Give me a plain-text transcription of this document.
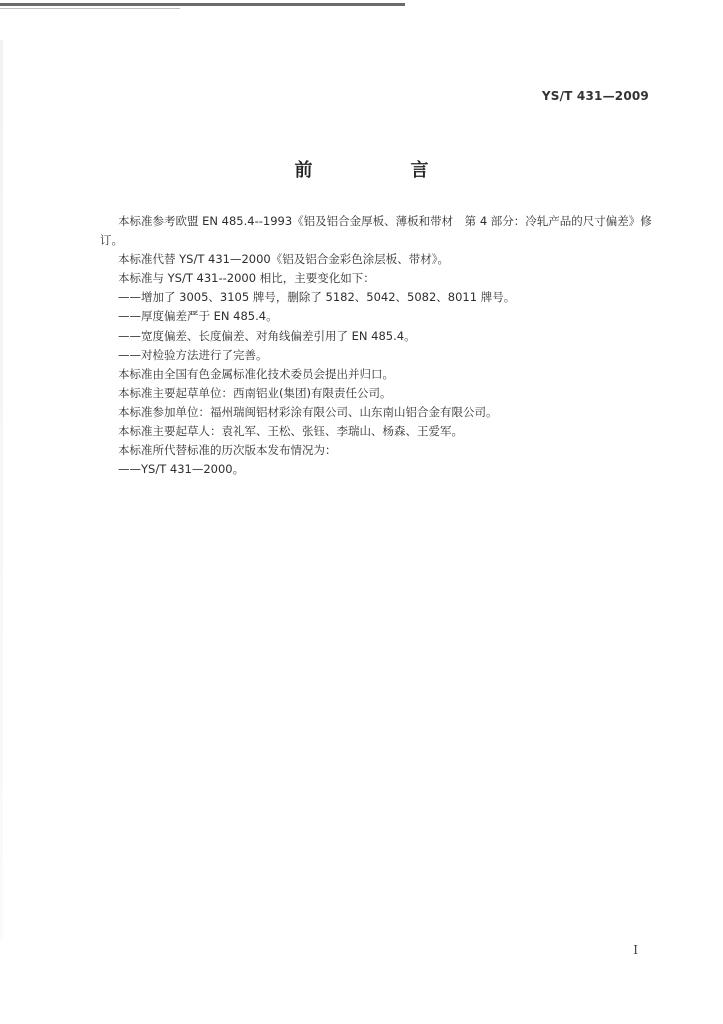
YS/T 431—2009
前　言

本标准参考欧盟 EN 485.4--1993《铝及铝合金厚板、薄板和带材　第 4 部分：冷轧产品的尺寸偏差》修订。

本标准代替 YS/T 431—2000《铝及铝合金彩色涂层板、带材》。

本标准与 YS/T 431--2000 相比，主要变化如下：

——增加了 3005、3105 牌号，删除了 5182、5042、5082、8011 牌号。

——厚度偏差严于 EN 485.4。

——宽度偏差、长度偏差、对角线偏差引用了 EN 485.4。

——对检验方法进行了完善。

本标准由全国有色金属标准化技术委员会提出并归口。

本标准主要起草单位：西南铝业(集团)有限责任公司。

本标准参加单位：福州瑞闽铝材彩涂有限公司、山东南山铝合金有限公司。

本标准主要起草人：袁礼军、王松、张钰、李瑞山、杨森、王爱军。

本标准所代替标准的历次版本发布情况为：

——YS/T 431—2000。

I
